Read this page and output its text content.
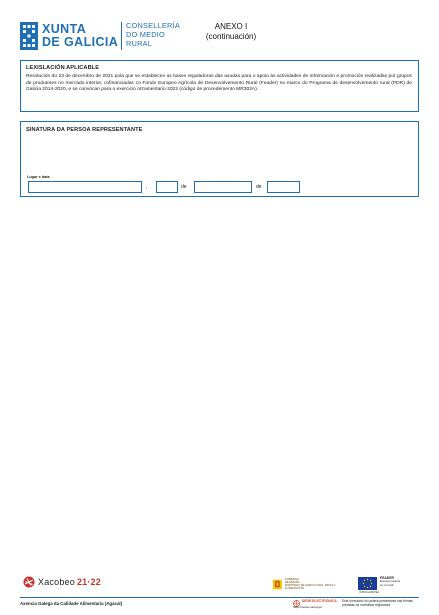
XUNTA
DE GALICIA
CONSELLERÍA
DO MEDIO
RURAL
ANEXO I
(continuación)
LEXISLACIÓN APLICABLE
Resolución do 23 de decembro de 2021 pola que se establecen as bases reguladoras das axudas para o apoio ás actividades de información e promoción realizadas por grupos de produtores no mercado interior, cofinanciadas co Fondo Europeo Agrícola de Desenvolvemento Rural (Feader) no marco do Programa de desenvolvemento rural (PDR) de Galicia 2014-2020, e se convocan para o exercicio orzamentario 2022 (código de procedemento MR302A).
SINATURA DA PERSOA REPRESENTANTE
Lugar e data
,	de	de
Xacobeo 21·22	GOBIERNO
DE ESPAÑA
MINISTERIO DE AGRICULTURA, PESCA Y ALIMENTACIÓN
FEADER
Europa invierte
en el rural
UNIÓN EUROPEA
Axencia Galega da Calidade Alimentaria (Agacal)	SEDE ELECTRÓNICA
https://sede.xunta.gal
Este formulario só poderá presentarse nas formas previstas na normativa reguladora
